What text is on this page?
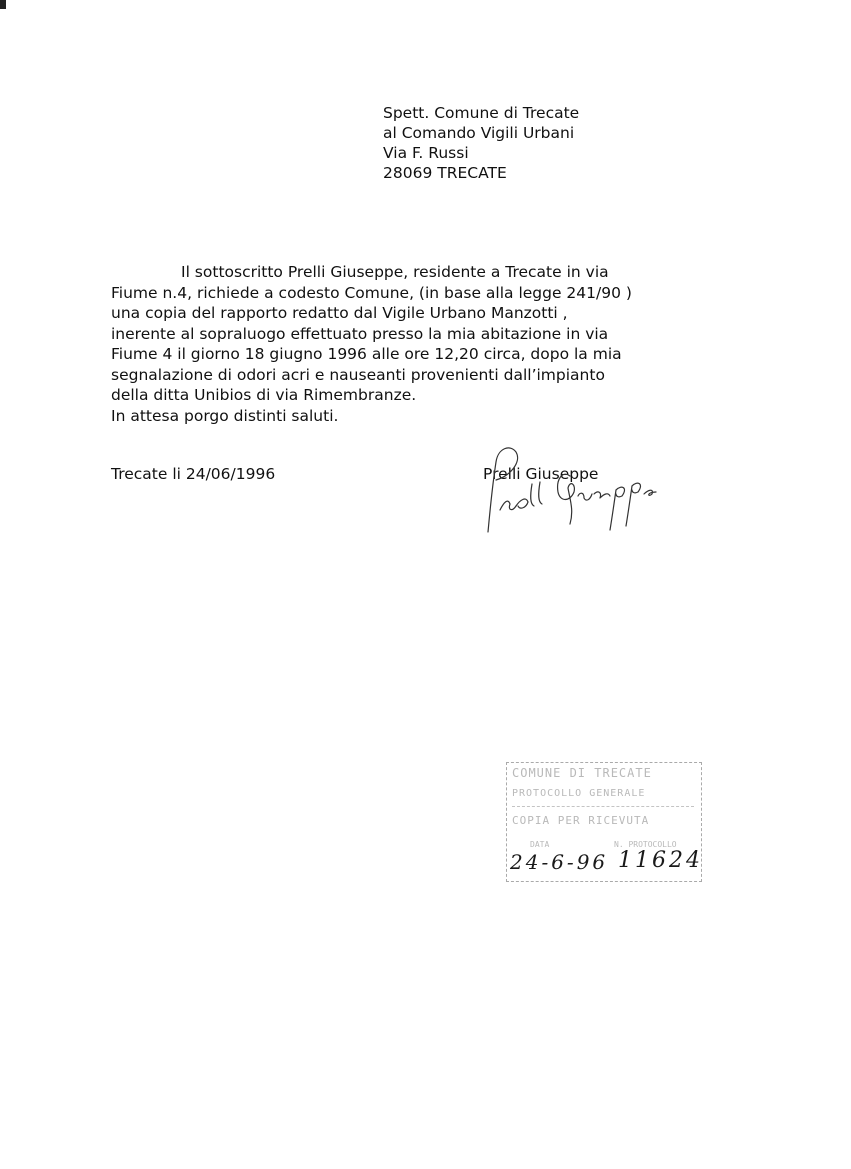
Spett. Comune di Trecate
al Comando Vigili Urbani
Via F. Russi
28069 TRECATE
Il sottoscritto Prelli Giuseppe, residente a Trecate in via
Fiume n.4, richiede a codesto Comune, (in base alla legge 241/90 )
una copia del rapporto redatto dal Vigile Urbano Manzotti ,
inerente al sopraluogo effettuato presso la mia abitazione in via
Fiume 4 il giorno 18 giugno 1996 alle ore 12,20 circa, dopo la mia
segnalazione di odori acri e nauseanti provenienti dall’impianto
della ditta Unibios di via Rimembranze.
In attesa porgo distinti saluti.
Trecate li 24/06/1996	Prelli Giuseppe
COMUNE DI TRECATE
PROTOCOLLO GENERALE
COPIA PER RICEVUTA
DATA	N. PROTOCOLLO
24-6-96 11624
